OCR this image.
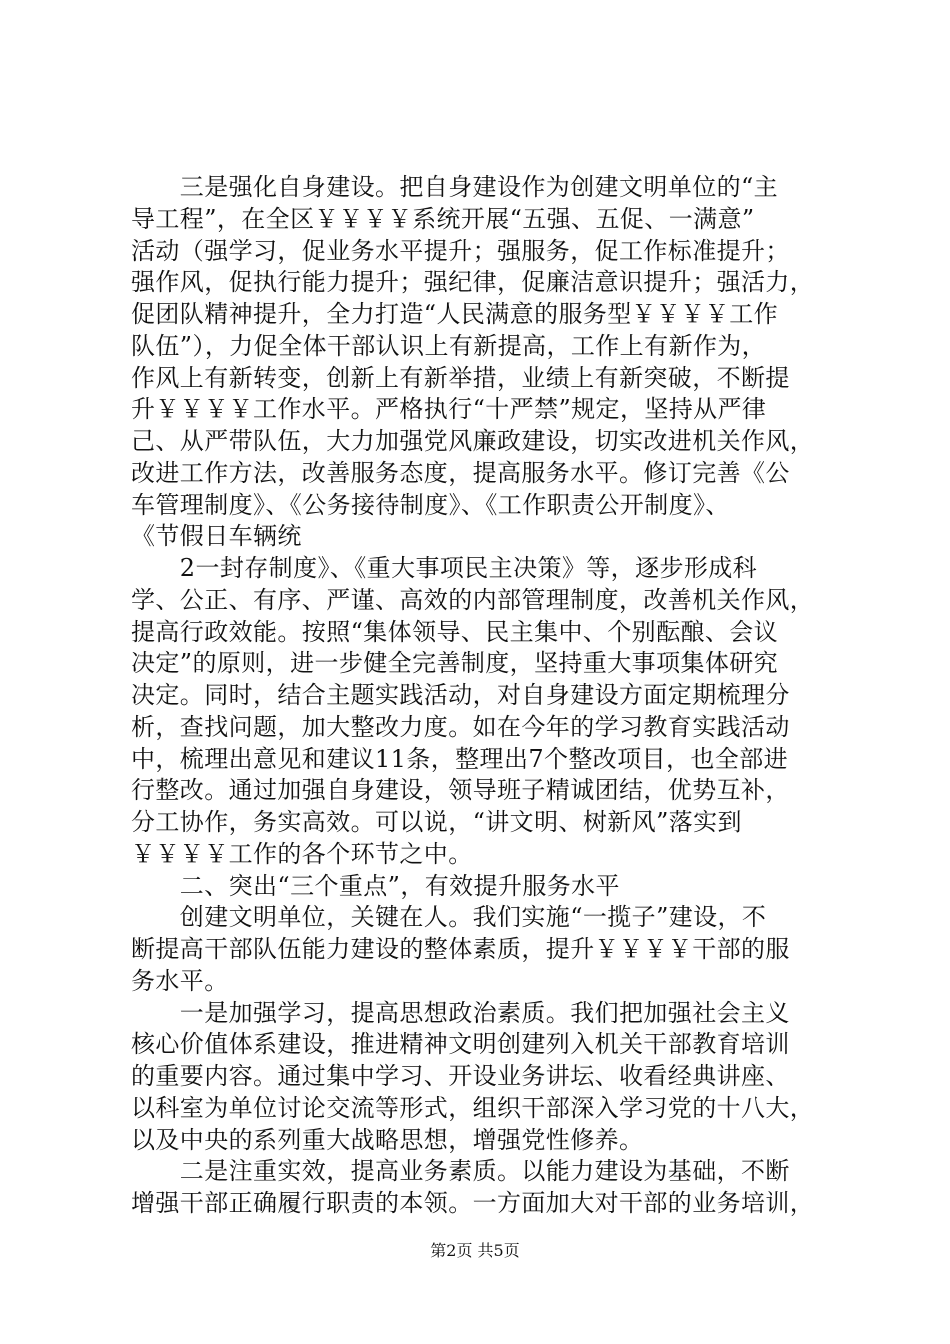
　　三是强化自身建设。把自身建设作为创建文明单位的“主
导工程”，在全区￥￥￥￥系统开展“五强、五促、一满意”
活动（强学习，促业务水平提升；强服务，促工作标准提升；
强作风，促执行能力提升；强纪律，促廉洁意识提升；强活力，
促团队精神提升，全力打造“人民满意的服务型￥￥￥￥工作
队伍”），力促全体干部认识上有新提高，工作上有新作为，
作风上有新转变，创新上有新举措，业绩上有新突破，不断提
升￥￥￥￥工作水平。严格执行“十严禁”规定，坚持从严律
己、从严带队伍，大力加强党风廉政建设，切实改进机关作风，
改进工作方法，改善服务态度，提高服务水平。修订完善《公
车管理制度》、《公务接待制度》、《工作职责公开制度》、
《节假日车辆统
　　2一封存制度》、《重大事项民主决策》等，逐步形成科
学、公正、有序、严谨、高效的内部管理制度，改善机关作风，
提高行政效能。按照“集体领导、民主集中、个别酝酿、会议
决定”的原则，进一步健全完善制度，坚持重大事项集体研究
决定。同时，结合主题实践活动，对自身建设方面定期梳理分
析，查找问题，加大整改力度。如在今年的学习教育实践活动
中，梳理出意见和建议11条，整理出7个整改项目，也全部进
行整改。通过加强自身建设，领导班子精诚团结，优势互补，
分工协作，务实高效。可以说，“讲文明、树新风”落实到
￥￥￥￥工作的各个环节之中。
　　二、突出“三个重点”，有效提升服务水平
　　创建文明单位，关键在人。我们实施“一揽子”建设，不
断提高干部队伍能力建设的整体素质，提升￥￥￥￥干部的服
务水平。
　　一是加强学习，提高思想政治素质。我们把加强社会主义
核心价值体系建设，推进精神文明创建列入机关干部教育培训
的重要内容。通过集中学习、开设业务讲坛、收看经典讲座、
以科室为单位讨论交流等形式，组织干部深入学习党的十八大，
以及中央的系列重大战略思想，增强党性修养。
　　二是注重实效，提高业务素质。以能力建设为基础，不断
增强干部正确履行职责的本领。一方面加大对干部的业务培训，
第2页 共5页
